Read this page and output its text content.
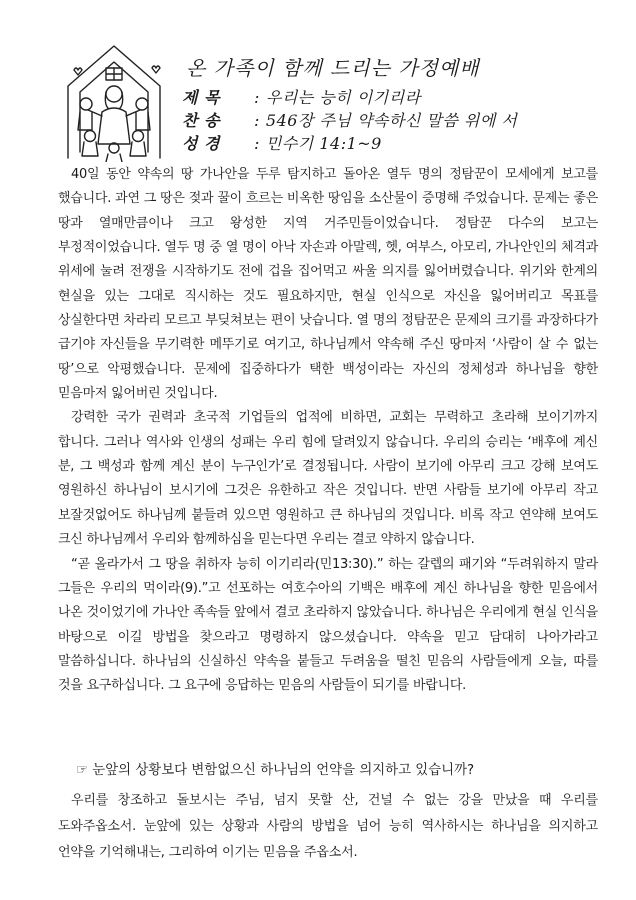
온 가족이 함께 드리는 가정예배
제 목 : 우리는 능히 이기리라
찬 송 : 546장 주님 약속하신 말씀 위에 서
성 경 : 민수기 14:1~9

40일 동안 약속의 땅 가나안을 두루 탐지하고 돌아온 열두 명의 정탐꾼이 모세에게 보고를 했습니다. 과연 그 땅은 젖과 꿀이 흐르는 비옥한 땅임을 소산물이 증명해 주었습니다. 문제는 좋은 땅과 열매만큼이나 크고 왕성한 지역 거주민들이었습니다. 정탐꾼 다수의 보고는 부정적이었습니다. 열두 명 중 열 명이 아낙 자손과 아말렉, 헷, 여부스, 아모리, 가나안인의 체격과 위세에 눌려 전쟁을 시작하기도 전에 겁을 집어먹고 싸울 의지를 잃어버렸습니다. 위기와 한계의 현실을 있는 그대로 직시하는 것도 필요하지만, 현실 인식으로 자신을 잃어버리고 목표를 상실한다면 차라리 모르고 부딪쳐보는 편이 낫습니다. 열 명의 정탐꾼은 문제의 크기를 과장하다가 급기야 자신들을 무기력한 메뚜기로 여기고, 하나님께서 약속해 주신 땅마저 ‘사람이 살 수 없는 땅’으로 악평했습니다. 문제에 집중하다가 택한 백성이라는 자신의 정체성과 하나님을 향한 믿음마저 잃어버린 것입니다.

강력한 국가 권력과 초국적 기업들의 업적에 비하면, 교회는 무력하고 초라해 보이기까지 합니다. 그러나 역사와 인생의 성패는 우리 힘에 달려있지 않습니다. 우리의 승리는 ‘배후에 계신 분, 그 백성과 함께 계신 분이 누구인가’로 결정됩니다. 사람이 보기에 아무리 크고 강해 보여도 영원하신 하나님이 보시기에 그것은 유한하고 작은 것입니다. 반면 사람들 보기에 아무리 작고 보잘것없어도 하나님께 붙들려 있으면 영원하고 큰 하나님의 것입니다. 비록 작고 연약해 보여도 크신 하나님께서 우리와 함께하심을 믿는다면 우리는 결코 약하지 않습니다.

“곧 올라가서 그 땅을 취하자 능히 이기리라(민13:30).” 하는 갈렙의 패기와 “두려워하지 말라 그들은 우리의 먹이라(9).”고 선포하는 여호수아의 기백은 배후에 계신 하나님을 향한 믿음에서 나온 것이었기에 가나안 족속들 앞에서 결코 초라하지 않았습니다. 하나님은 우리에게 현실 인식을 바탕으로 이길 방법을 찾으라고 명령하지 않으셨습니다. 약속을 믿고 담대히 나아가라고 말씀하십니다. 하나님의 신실하신 약속을 붙들고 두려움을 떨친 믿음의 사람들에게 오늘, 따를 것을 요구하십니다. 그 요구에 응답하는 믿음의 사람들이 되기를 바랍니다.

☞ 눈앞의 상황보다 변함없으신 하나님의 언약을 의지하고 있습니까?

우리를 창조하고 돌보시는 주님, 넘지 못할 산, 건널 수 없는 강을 만났을 때 우리를 도와주옵소서. 눈앞에 있는 상황과 사람의 방법을 넘어 능히 역사하시는 하나님을 의지하고 언약을 기억해내는, 그리하여 이기는 믿음을 주옵소서.
